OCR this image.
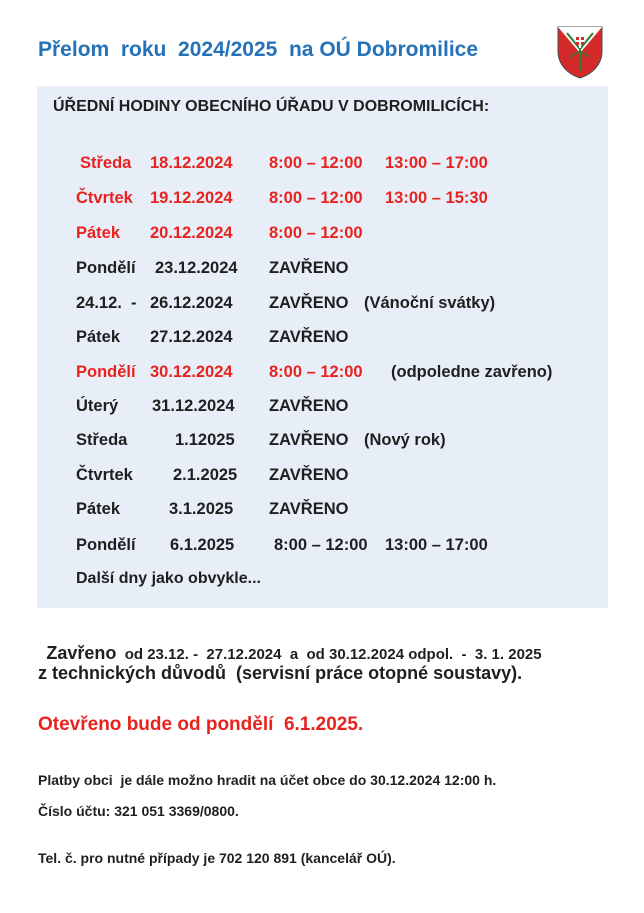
Přelom  roku  2024/2025  na OÚ Dobromilice
ÚŘEDNÍ HODINY OBECNÍHO ÚŘADU V DOBROMILICÍCH:
Středa 18.12.2024 8:00 – 12:00 13:00 – 17:00
Čtvrtek 19.12.2024 8:00 – 12:00 13:00 – 15:30
Pátek 20.12.2024 8:00 – 12:00
Pondělí 23.12.2024 ZAVŘENO
24.12.  - 26.12.2024 ZAVŘENO (Vánoční svátky)
Pátek 27.12.2024 ZAVŘENO
Pondělí 30.12.2024 8:00 – 12:00 (odpoledne zavřeno)
Úterý 31.12.2024 ZAVŘENO
Středa	1.12025 ZAVŘENO (Nový rok)
Čtvrtek 2.1.2025 ZAVŘENO
Pátek	3.1.2025 ZAVŘENO
Pondělí 6.1.2025 8:00 – 12:00 13:00 – 17:00
Další dny jako obvykle...

Zavřeno  od 23.12. -  27.12.2024  a  od 30.12.2024 odpol.  -  3. 1. 2025

z technických důvodů  (servisní práce otopné soustavy).
Otevřeno bude od pondělí  6.1.2025.
Platby obci  je dále možno hradit na účet obce do 30.12.2024 12:00 h.
Číslo účtu: 321 051 3369/0800.
Tel. č. pro nutné případy je 702 120 891 (kancelář OÚ).
